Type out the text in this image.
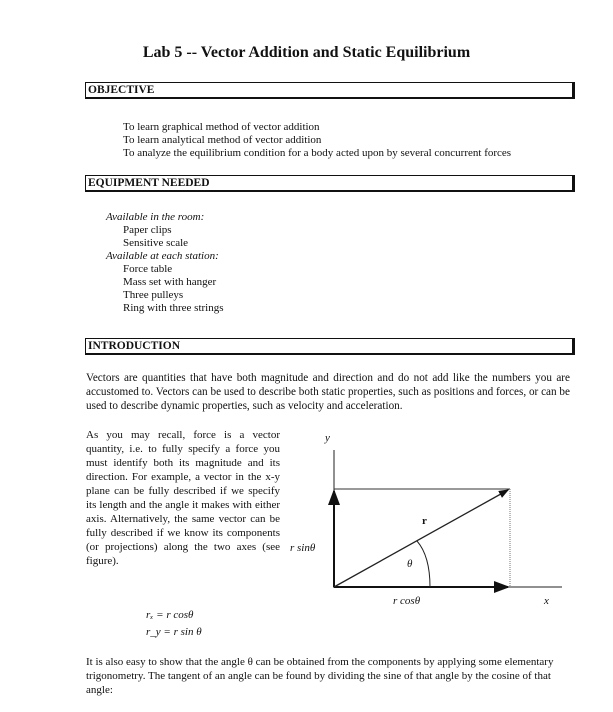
Lab 5 -- Vector Addition and Static Equilibrium
OBJECTIVE
To learn graphical method of vector addition
To learn analytical method of vector addition
To analyze the equilibrium condition for a body acted upon by several concurrent forces
EQUIPMENT NEEDED
Available in the room:
Paper clips
Sensitive scale
Available at each station:
Force table
Mass set with hanger
Three pulleys
Ring with three strings
INTRODUCTION
Vectors are quantities that have both magnitude and direction and do not add like the numbers you are accustomed to. Vectors can be used to describe both static properties, such as positions and forces, or can be used to describe dynamic properties, such as velocity and acceleration.
As you may recall, force is a vector quantity, i.e. to fully specify a force you must identify both its magnitude and its direction. For example, a vector in the x-y plane can be fully described if we specify its length and the angle it makes with either axis. Alternatively, the same vector can be fully described if we know its components (or projections) along the two axes (see figure).
y
x
r
θ
r sinθ
r cosθ
rₓ = r cosθ
r_y = r sin θ
It is also easy to show that the angle θ can be obtained from the components by applying some elementary trigonometry. The tangent of an angle can be found by dividing the sine of that angle by the cosine of that angle:
